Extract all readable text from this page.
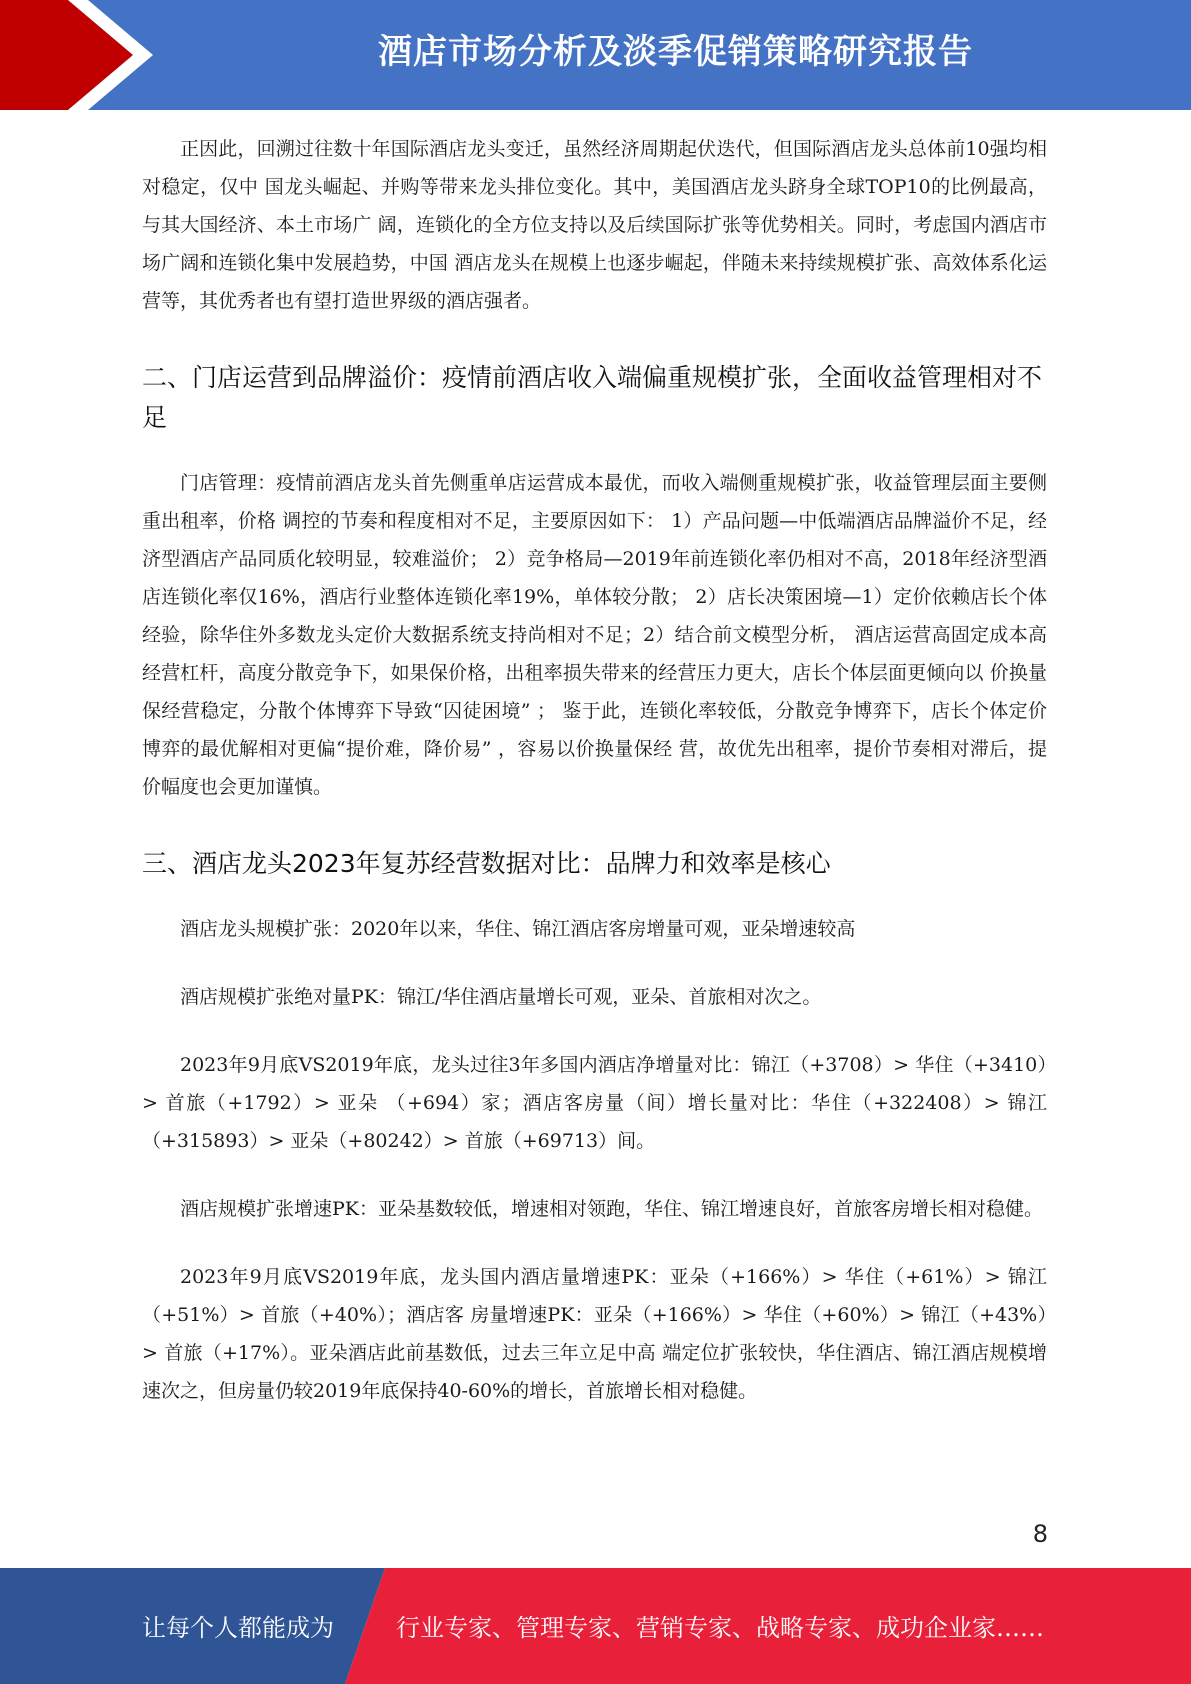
酒店市场分析及淡季促销策略研究报告

正因此，回溯过往数十年国际酒店龙头变迁，虽然经济周期起伏迭代，但国际酒店龙头总体前10强均相对稳定，仅中 国龙头崛起、并购等带来龙头排位变化。其中，美国酒店龙头跻身全球TOP10的比例最高，与其大国经济、本土市场广 阔，连锁化的全方位支持以及后续国际扩张等优势相关。同时，考虑国内酒店市场广阔和连锁化集中发展趋势，中国 酒店龙头在规模上也逐步崛起，伴随未来持续规模扩张、高效体系化运营等，其优秀者也有望打造世界级的酒店强者。

二、门店运营到品牌溢价：疫情前酒店收入端偏重规模扩张，全面收益管理相对不足

门店管理：疫情前酒店龙头首先侧重单店运营成本最优，而收入端侧重规模扩张，收益管理层面主要侧重出租率，价格 调控的节奏和程度相对不足，主要原因如下： 1）产品问题—中低端酒店品牌溢价不足，经济型酒店产品同质化较明显，较难溢价； 2）竞争格局—2019年前连锁化率仍相对不高，2018年经济型酒店连锁化率仅16%，酒店行业整体连锁化率19%，单体较分散； 2）店长决策困境—1）定价依赖店长个体经验，除华住外多数龙头定价大数据系统支持尚相对不足；2）结合前文模型分析， 酒店运营高固定成本高经营杠杆，高度分散竞争下，如果保价格，出租率损失带来的经营压力更大，店长个体层面更倾向以 价换量保经营稳定，分散个体博弈下导致“囚徒困境” ； 鉴于此，连锁化率较低，分散竞争博弈下，店长个体定价博弈的最优解相对更偏“提价难，降价易” ，容易以价换量保经 营，故优先出租率，提价节奏相对滞后，提价幅度也会更加谨慎。

三、酒店龙头2023年复苏经营数据对比：品牌力和效率是核心

酒店龙头规模扩张：2020年以来，华住、锦江酒店客房增量可观，亚朵增速较高

酒店规模扩张绝对量PK：锦江/华住酒店量增长可观，亚朵、首旅相对次之。

2023年9月底VS2019年底，龙头过往3年多国内酒店净增量对比：锦江（+3708）> 华住（+3410）> 首旅（+1792）> 亚朵 （+694）家；酒店客房量（间）增长量对比：华住（+322408）> 锦江（+315893）> 亚朵（+80242）> 首旅（+69713）间。

酒店规模扩张增速PK：亚朵基数较低，增速相对领跑，华住、锦江增速良好，首旅客房增长相对稳健。

2023年9月底VS2019年底，龙头国内酒店量增速PK：亚朵（+166%）> 华住（+61%）> 锦江（+51%）> 首旅（+40%）；酒店客 房量增速PK：亚朵（+166%）> 华住（+60%）> 锦江（+43%）> 首旅（+17%）。亚朵酒店此前基数低，过去三年立足中高 端定位扩张较快，华住酒店、锦江酒店规模增速次之，但房量仍较2019年底保持40-60%的增长，首旅增长相对稳健。

8
让每个人都能成为	行业专家、管理专家、营销专家、战略专家、成功企业家……
